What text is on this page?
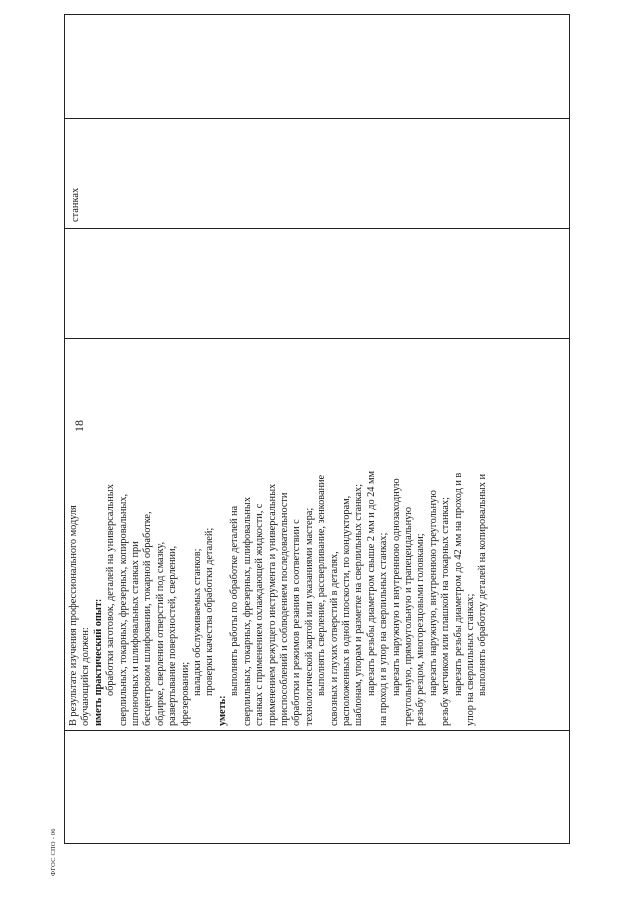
18
В результате изучения профессионального модуля обучающийся должен: иметь практический опыт: обработки заготовок, деталей на универсальных сверлильных, токарных, фрезерных, копировальных, шпоночных и шлифовальных станках при бесцентровом шлифовании, токарной обработке, обдирке, сверлении отверстий под смазку, развертывание поверхностей, сверлении, фрезеровании; наладки обслуживаемых станков; проверки качества обработки деталей;
уметь:
выполнять работы по обработке деталей на сверлильных, токарных, фрезерных, шлифовальных станках с применением охлаждающей жидкости, с применением режущего инструмента и универсальных приспособлений и соблюдением последовательности обработки и режимов резания в соответствии с технологической картой или указаниями мастера; выполнять сверление, рассверливание, зенкование сквозных и глухих отверстий в деталях, расположенных в одной плоскости, по кондукторам, шаблонам, упорам и разметке на сверлильных станках; нарезать резьбы диаметром свыше 2 мм и до 24 мм на проход и в упор на сверлильных станках; нарезать наружную и внутреннюю однозаходную треугольную, прямоугольную и трапецеидальную резьбу резцом, многорезцовыми головками; нарезать наружную, внутреннюю треугольную резьбу метчиком или плашкой на токарных станках; нарезать резьбы диаметром до 42 мм на проход и в упор на сверлильных станках; выполнять обработку деталей на копировальных и
станках
ФГОС СПО - 06
